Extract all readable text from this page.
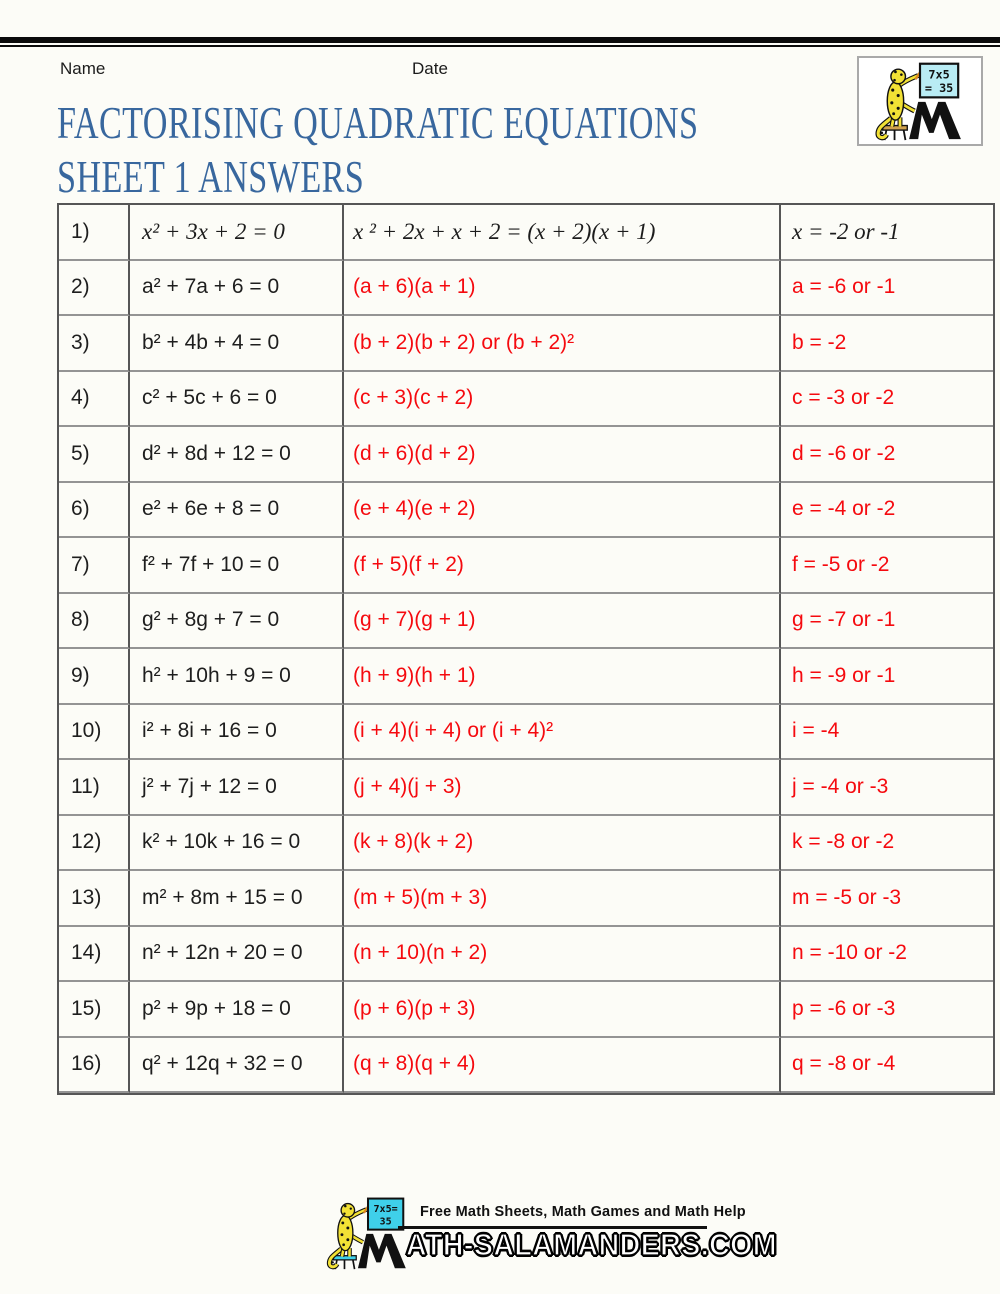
Name	Date	7x5
= 35
FACTORISING QUADRATIC EQUATIONS
SHEET 1 ANSWERS
1)	x² + 3x + 2 = 0	x ² + 2x + x + 2 = (x + 2)(x + 1)	x = -2 or -1
2)	a² + 7a + 6 = 0	(a + 6)(a + 1)	a = -6 or -1
3)	b² + 4b + 4 = 0	(b + 2)(b + 2) or (b + 2)²	b = -2
4)	c² + 5c + 6 = 0	(c + 3)(c + 2)	c = -3 or -2
5)	d² + 8d + 12 = 0	(d + 6)(d + 2)	d = -6 or -2
6)	e² + 6e + 8 = 0	(e + 4)(e + 2)	e = -4 or -2
7)	f² + 7f + 10 = 0	(f + 5)(f + 2)	f = -5 or -2
8)	g² + 8g + 7 = 0	(g + 7)(g + 1)	g = -7 or -1
9)	h² + 10h + 9 = 0	(h + 9)(h + 1)	h = -9 or -1
10)	i² + 8i + 16 = 0	(i + 4)(i + 4) or (i + 4)²	i = -4
11)	j² + 7j + 12 = 0	(j + 4)(j + 3)	j = -4 or -3
12)	k² + 10k + 16 = 0	(k + 8)(k + 2)	k = -8 or -2
13)	m² + 8m + 15 = 0	(m + 5)(m + 3)	m = -5 or -3
14)	n² + 12n + 20 = 0	(n + 10)(n + 2)	n = -10 or -2
15)	p² + 9p + 18 = 0	(p + 6)(p + 3)	p = -6 or -3
16)	q² + 12q + 32 = 0	(q + 8)(q + 4)	q = -8 or -4
7x5=
35
Free Math Sheets, Math Games and Math Help
ATH-SALAMANDERS.COM
